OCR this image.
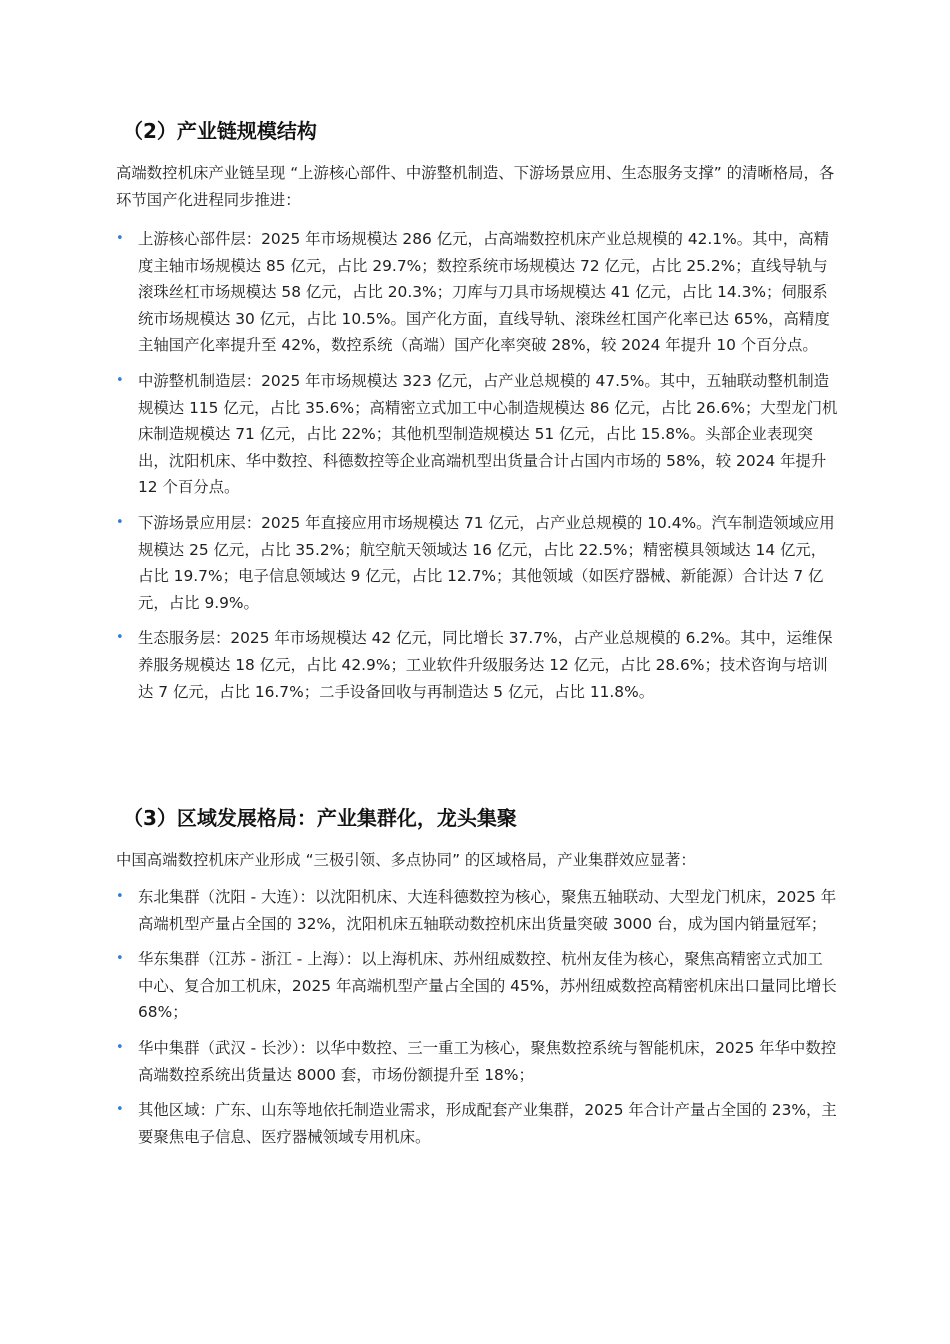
（2）产业链规模结构

高端数控机床产业链呈现 “上游核心部件、中游整机制造、下游场景应用、生态服务支撑” 的清晰格局，各环节国产化进程同步推进：

• 上游核心部件层：2025 年市场规模达 286 亿元，占高端数控机床产业总规模的 42.1%。其中，高精度主轴市场规模达 85 亿元，占比 29.7%；数控系统市场规模达 72 亿元，占比 25.2%；直线导轨与滚珠丝杠市场规模达 58 亿元，占比 20.3%；刀库与刀具市场规模达 41 亿元，占比 14.3%；伺服系统市场规模达 30 亿元，占比 10.5%。国产化方面，直线导轨、滚珠丝杠国产化率已达 65%，高精度主轴国产化率提升至 42%，数控系统（高端）国产化率突破 28%，较 2024 年提升 10 个百分点。
• 中游整机制造层：2025 年市场规模达 323 亿元，占产业总规模的 47.5%。其中，五轴联动整机制造规模达 115 亿元，占比 35.6%；高精密立式加工中心制造规模达 86 亿元，占比 26.6%；大型龙门机床制造规模达 71 亿元，占比 22%；其他机型制造规模达 51 亿元，占比 15.8%。头部企业表现突出，沈阳机床、华中数控、科德数控等企业高端机型出货量合计占国内市场的 58%，较 2024 年提升 12 个百分点。
• 下游场景应用层：2025 年直接应用市场规模达 71 亿元，占产业总规模的 10.4%。汽车制造领域应用规模达 25 亿元，占比 35.2%；航空航天领域达 16 亿元，占比 22.5%；精密模具领域达 14 亿元，占比 19.7%；电子信息领域达 9 亿元，占比 12.7%；其他领域（如医疗器械、新能源）合计达 7 亿元，占比 9.9%。
• 生态服务层：2025 年市场规模达 42 亿元，同比增长 37.7%，占产业总规模的 6.2%。其中，运维保养服务规模达 18 亿元，占比 42.9%；工业软件升级服务达 12 亿元，占比 28.6%；技术咨询与培训达 7 亿元，占比 16.7%；二手设备回收与再制造达 5 亿元，占比 11.8%。
（3）区域发展格局：产业集群化，龙头集聚

中国高端数控机床产业形成 “三极引领、多点协同” 的区域格局，产业集群效应显著：

• 东北集群（沈阳 - 大连）：以沈阳机床、大连科德数控为核心，聚焦五轴联动、大型龙门机床，2025 年高端机型产量占全国的 32%，沈阳机床五轴联动数控机床出货量突破 3000 台，成为国内销量冠军；
• 华东集群（江苏 - 浙江 - 上海）：以上海机床、苏州纽威数控、杭州友佳为核心，聚焦高精密立式加工中心、复合加工机床，2025 年高端机型产量占全国的 45%，苏州纽威数控高精密机床出口量同比增长 68%；
• 华中集群（武汉 - 长沙）：以华中数控、三一重工为核心，聚焦数控系统与智能机床，2025 年华中数控高端数控系统出货量达 8000 套，市场份额提升至 18%；
• 其他区域：广东、山东等地依托制造业需求，形成配套产业集群，2025 年合计产量占全国的 23%，主要聚焦电子信息、医疗器械领域专用机床。
